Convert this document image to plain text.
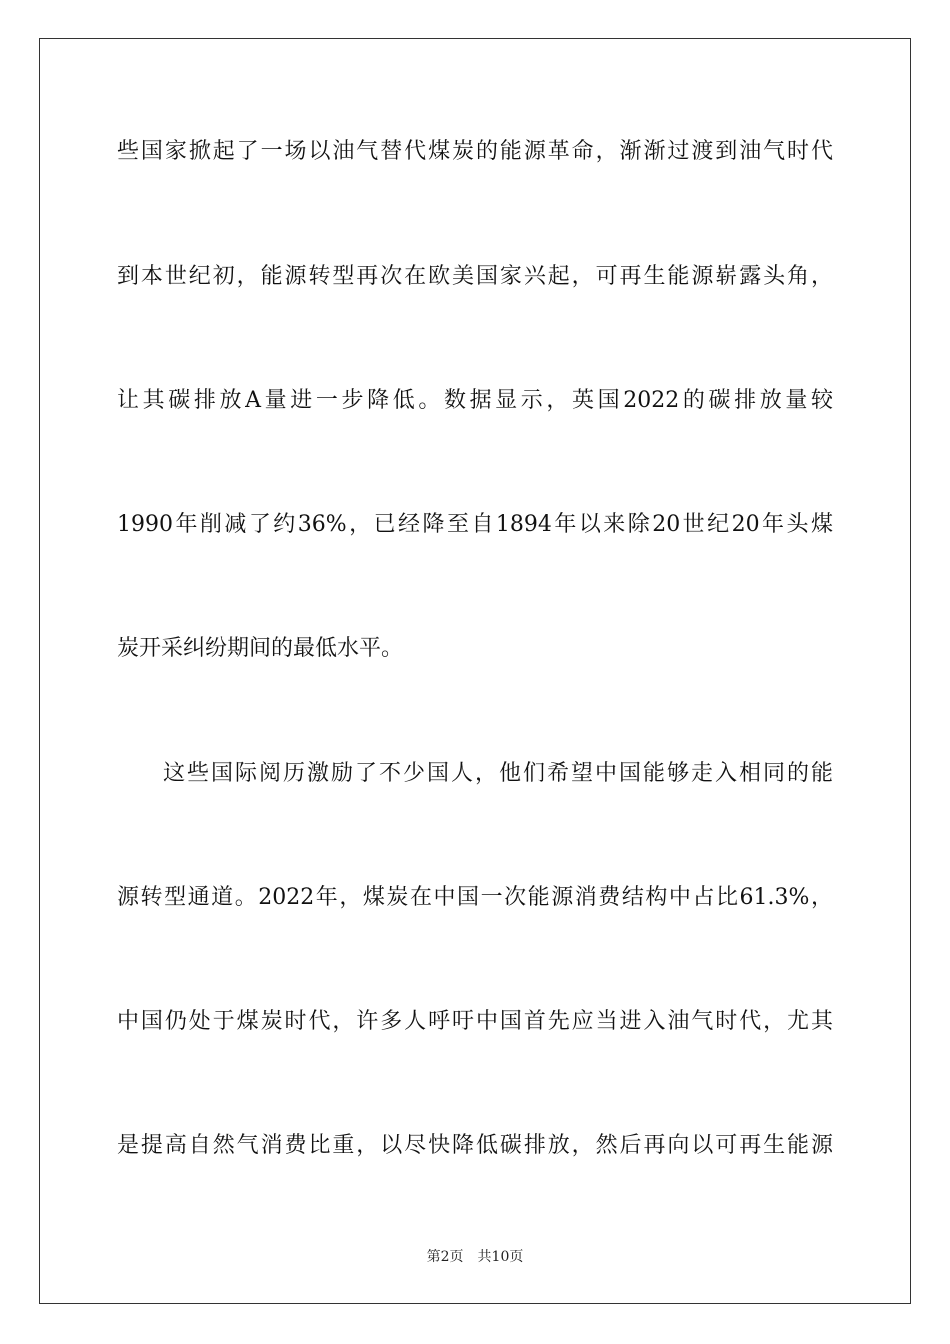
些国家掀起了一场以油气替代煤炭的能源革命，渐渐过渡到油气时代
到本世纪初，能源转型再次在欧美国家兴起，可再生能源崭露头角，
让其碳排放A量进一步降低。数据显示，英国2022的碳排放量较
1990年削减了约36%，已经降至自1894年以来除20世纪20年头煤
炭开采纠纷期间的最低水平。
这些国际阅历激励了不少国人，他们希望中国能够走入相同的能
源转型通道。2022年，煤炭在中国一次能源消费结构中占比61.3%，
中国仍处于煤炭时代，许多人呼吁中国首先应当进入油气时代，尤其
是提高自然气消费比重，以尽快降低碳排放，然后再向以可再生能源
第2页 共10页
